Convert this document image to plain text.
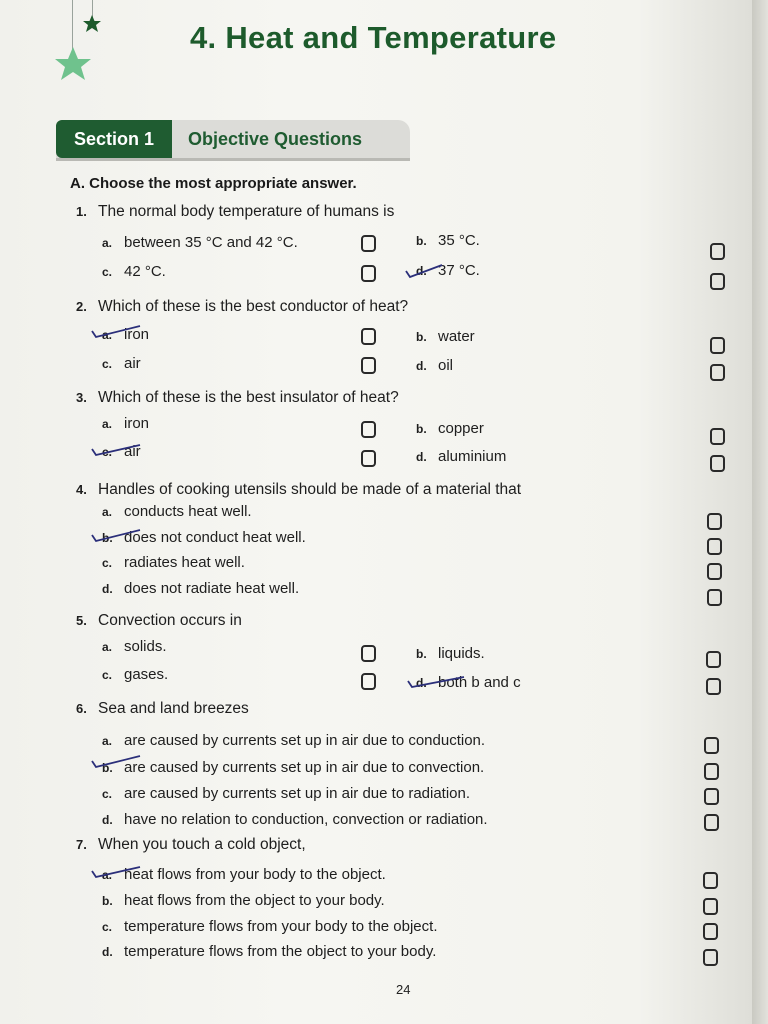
4. Heat and Temperature
Section 1	Objective Questions
A. Choose the most appropriate answer.
1. The normal body temperature of humans is
a. between 35 °C and 42 °C.	b. 35 °C.
c. 42 °C.	d. 37 °C.
2. Which of these is the best conductor of heat?
a. iron	b. water
c. air	d. oil
3. Which of these is the best insulator of heat?
a. iron	b. copper
c. air	d. aluminium
4. Handles of cooking utensils should be made of a material that
a. conducts heat well.
b. does not conduct heat well.
c. radiates heat well.
d. does not radiate heat well.
5. Convection occurs in
a. solids.	b. liquids.
c. gases.	d. both b and c
6. Sea and land breezes
a. are caused by currents set up in air due to conduction.
b. are caused by currents set up in air due to convection.
c. are caused by currents set up in air due to radiation.
d. have no relation to conduction, convection or radiation.
7. When you touch a cold object,
a. heat flows from your body to the object.
b. heat flows from the object to your body.
c. temperature flows from your body to the object.
d. temperature flows from the object to your body.
24
